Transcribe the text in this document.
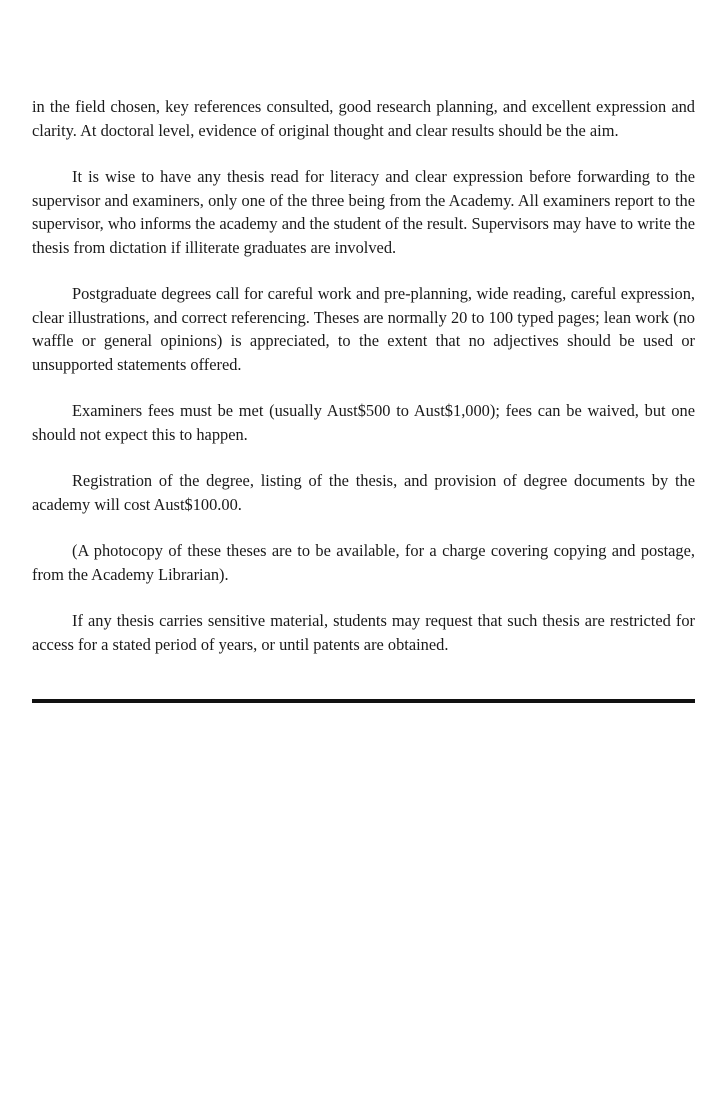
in the field chosen, key references consulted, good research planning, and excellent expression and clarity. At doctoral level, evidence of original thought and clear results should be the aim.

It is wise to have any thesis read for literacy and clear expression before forwarding to the supervisor and examiners, only one of the three being from the Academy. All examiners report to the supervisor, who informs the academy and the student of the result. Supervisors may have to write the thesis from dictation if illiterate graduates are involved.

Postgraduate degrees call for careful work and pre-planning, wide reading, careful expression, clear illustrations, and correct referencing. Theses are normally 20 to 100 typed pages; lean work (no waffle or general opinions) is appreciated, to the extent that no adjectives should be used or unsupported statements offered.

Examiners fees must be met (usually Aust$500 to Aust$1,000); fees can be waived, but one should not expect this to happen.

Registration of the degree, listing of the thesis, and provision of degree documents by the academy will cost Aust$100.00.

(A photocopy of these theses are to be available, for a charge covering copying and postage, from the Academy Librarian).

If any thesis carries sensitive material, students may request that such thesis are restricted for access for a stated period of years, or until patents are obtained.
